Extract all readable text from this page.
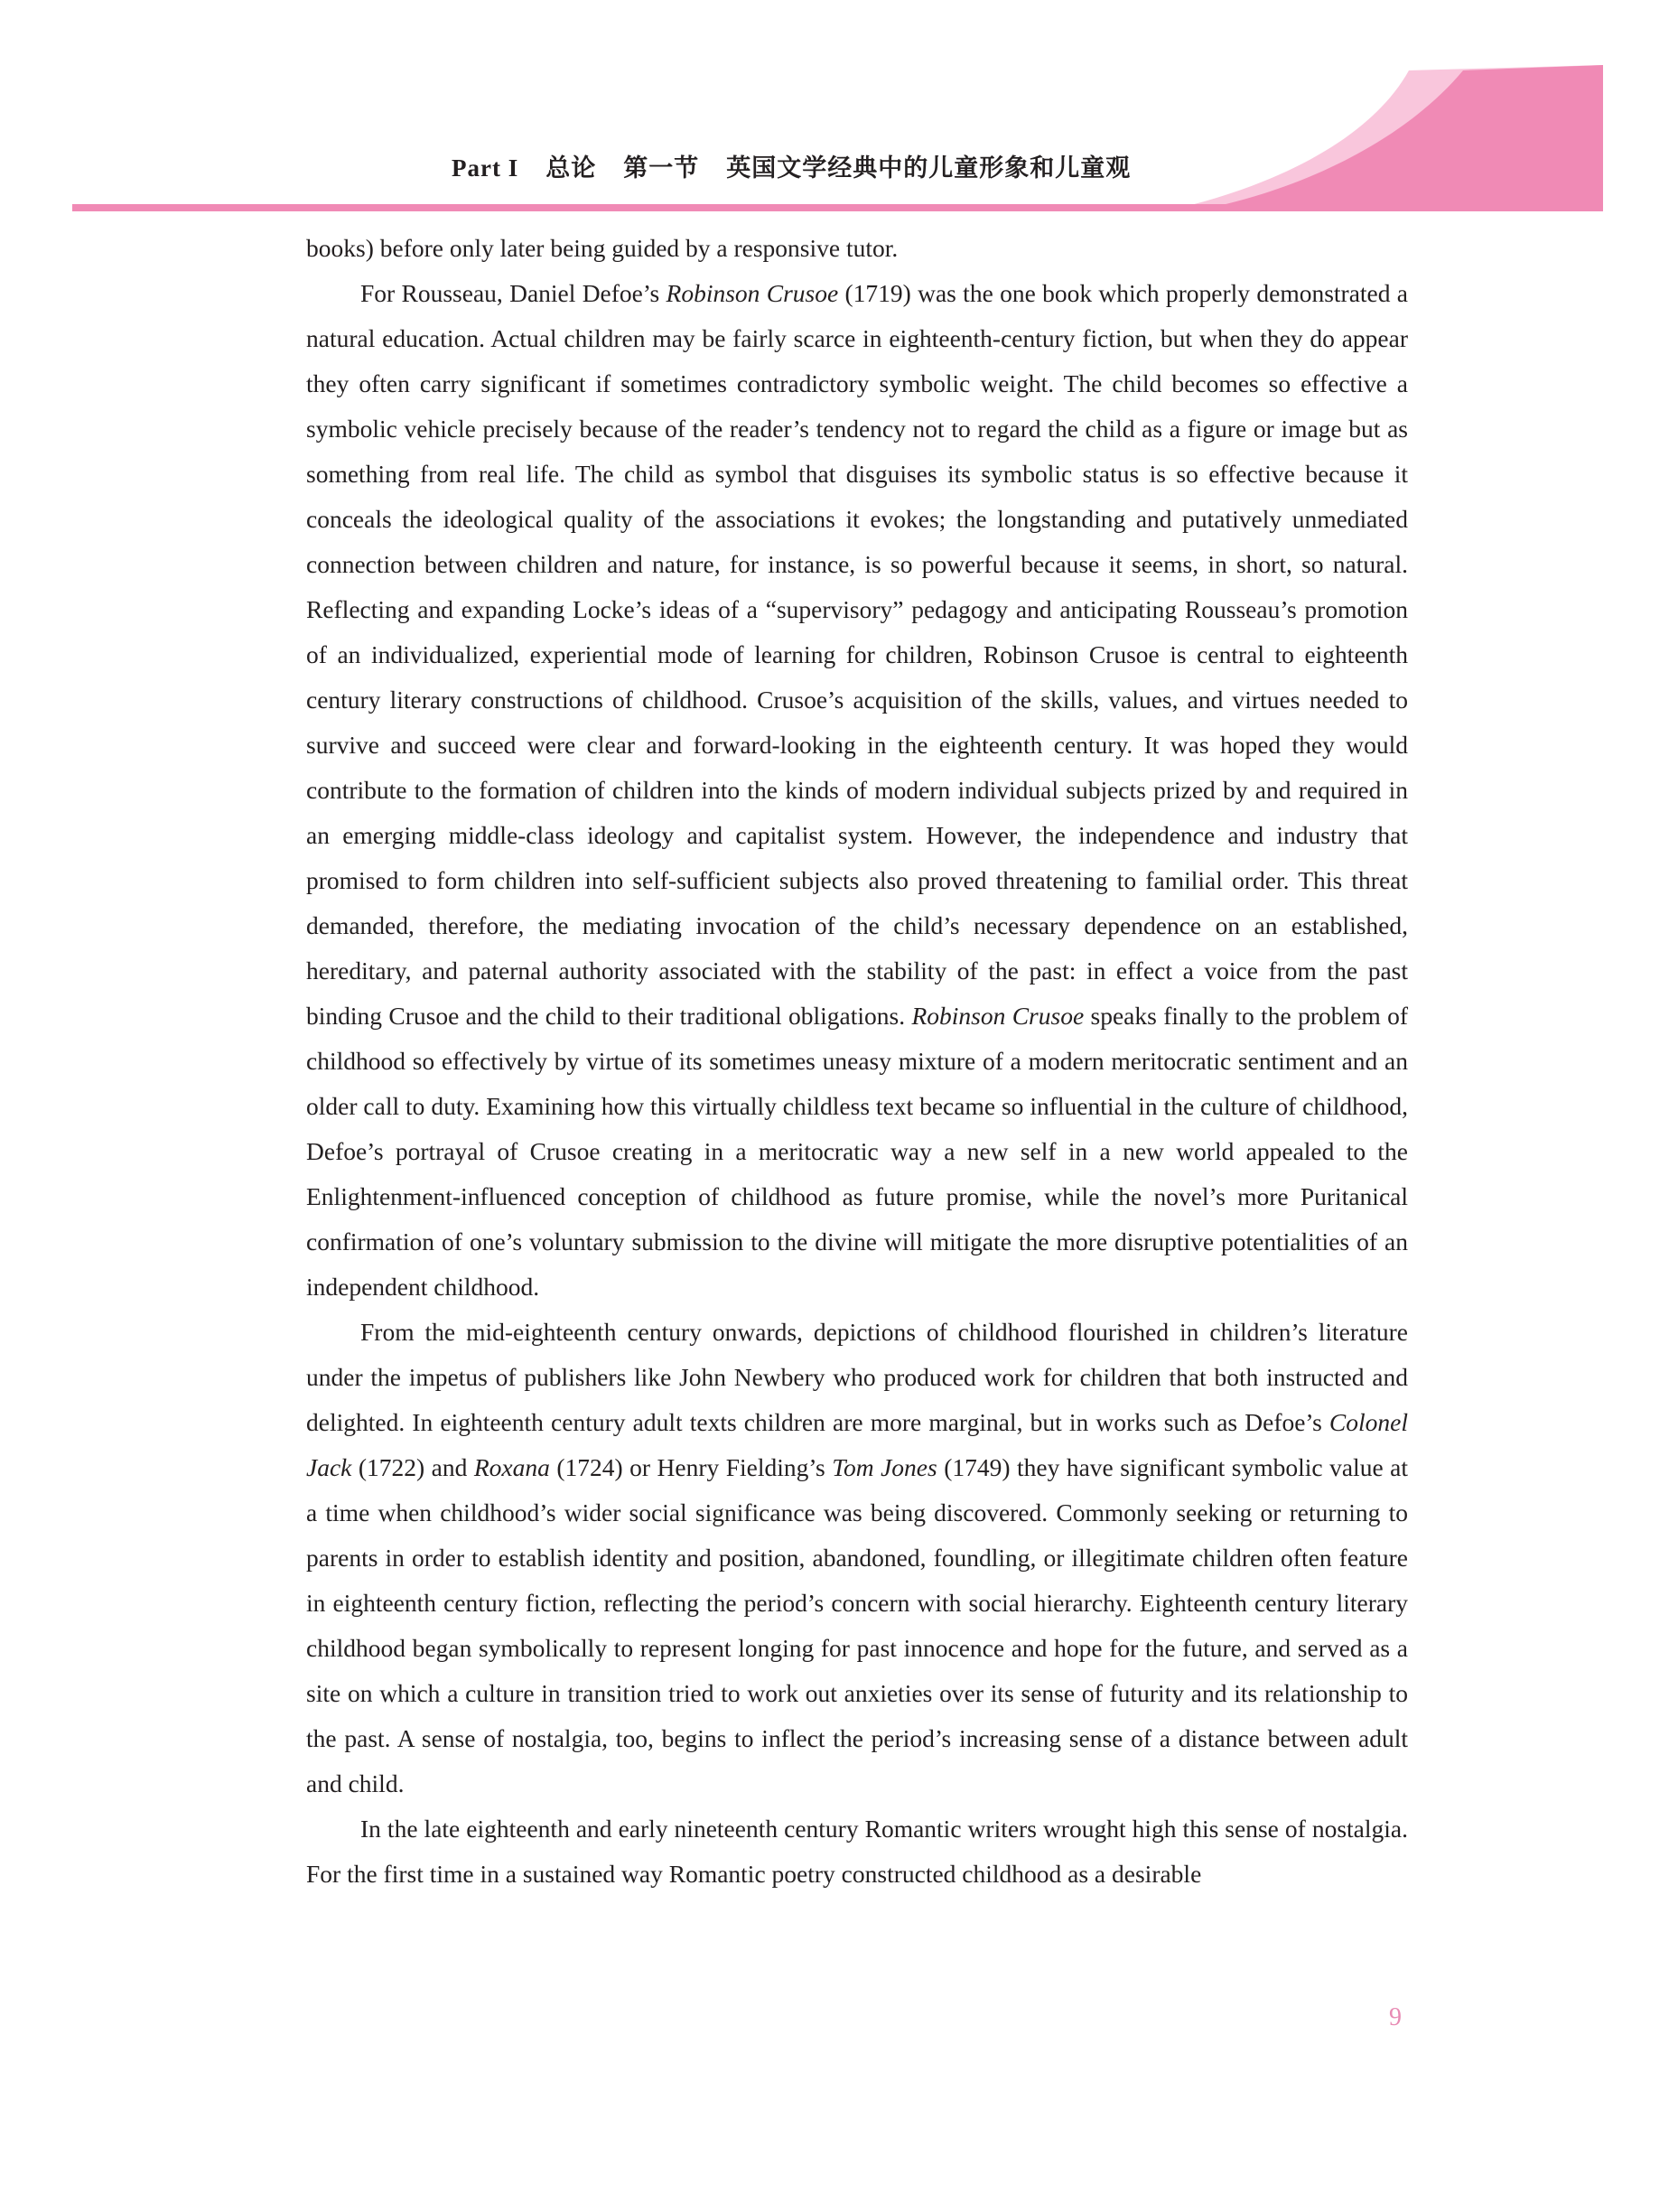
Part I 总论 第一节 英国文学经典中的儿童形象和儿童观

books) before only later being guided by a responsive tutor.

For Rousseau, Daniel Defoe’s Robinson Crusoe (1719) was the one book which properly demonstrated a natural education. Actual children may be fairly scarce in eighteenth-century fiction, but when they do appear they often carry significant if sometimes contradictory symbolic weight. The child becomes so effective a symbolic vehicle precisely because of the reader’s tendency not to regard the child as a figure or image but as something from real life. The child as symbol that disguises its symbolic status is so effective because it conceals the ideological quality of the associations it evokes; the longstanding and putatively unmediated connection between children and nature, for instance, is so powerful because it seems, in short, so natural. Reflecting and expanding Locke’s ideas of a “supervisory” pedagogy and anticipating Rousseau’s promotion of an individualized, experiential mode of learning for children, Robinson Crusoe is central to eighteenth century literary constructions of childhood. Crusoe’s acquisition of the skills, values, and virtues needed to survive and succeed were clear and forward-looking in the eighteenth century. It was hoped they would contribute to the formation of children into the kinds of modern individual subjects prized by and required in an emerging middle-class ideology and capitalist system. However, the independence and industry that promised to form children into self-sufficient subjects also proved threatening to familial order. This threat demanded, therefore, the mediating invocation of the child’s necessary dependence on an established, hereditary, and paternal authority associated with the stability of the past: in effect a voice from the past binding Crusoe and the child to their traditional obligations. Robinson Crusoe speaks finally to the problem of childhood so effectively by virtue of its sometimes uneasy mixture of a modern meritocratic sentiment and an older call to duty. Examining how this virtually childless text became so influential in the culture of childhood, Defoe’s portrayal of Crusoe creating in a meritocratic way a new self in a new world appealed to the Enlightenment-influenced conception of childhood as future promise, while the novel’s more Puritanical confirmation of one’s voluntary submission to the divine will mitigate the more disruptive potentialities of an independent childhood.

From the mid-eighteenth century onwards, depictions of childhood flourished in children’s literature under the impetus of publishers like John Newbery who produced work for children that both instructed and delighted. In eighteenth century adult texts children are more marginal, but in works such as Defoe’s Colonel Jack (1722) and Roxana (1724) or Henry Fielding’s Tom Jones (1749) they have significant symbolic value at a time when childhood’s wider social significance was being discovered. Commonly seeking or returning to parents in order to establish identity and position, abandoned, foundling, or illegitimate children often feature in eighteenth century fiction, reflecting the period’s concern with social hierarchy. Eighteenth century literary childhood began symbolically to represent longing for past innocence and hope for the future, and served as a site on which a culture in transition tried to work out anxieties over its sense of futurity and its relationship to the past. A sense of nostalgia, too, begins to inflect the period’s increasing sense of a distance between adult and child.

In the late eighteenth and early nineteenth century Romantic writers wrought high this sense of nostalgia. For the first time in a sustained way Romantic poetry constructed childhood as a desirable

9
